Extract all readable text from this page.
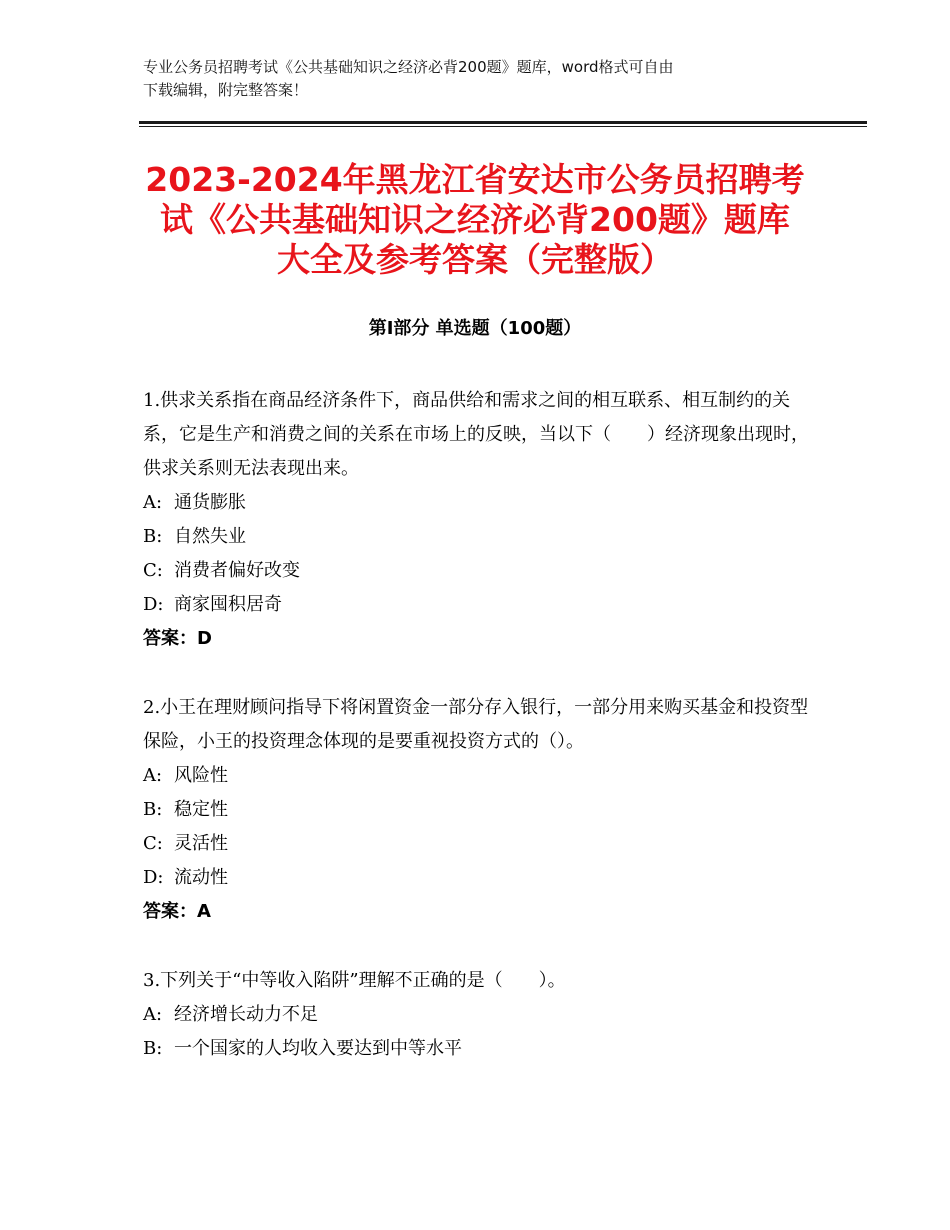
专业公务员招聘考试《公共基础知识之经济必背200题》题库，word格式可自由
下载编辑，附完整答案！
2023-2024年黑龙江省安达市公务员招聘考
试《公共基础知识之经济必背200题》题库
大全及参考答案（完整版）
第Ⅰ部分 单选题（100题）

1.供求关系指在商品经济条件下，商品供给和需求之间的相互联系、相互制约的关系，它是生产和消费之间的关系在市场上的反映，当以下（　　）经济现象出现时，供求关系则无法表现出来。

A: 通货膨胀

B: 自然失业

C: 消费者偏好改变

D: 商家囤积居奇

答案：D

2.小王在理财顾问指导下将闲置资金一部分存入银行，一部分用来购买基金和投资型保险，小王的投资理念体现的是要重视投资方式的（）。

A: 风险性

B: 稳定性

C: 灵活性

D: 流动性

答案：A

3.下列关于“中等收入陷阱”理解不正确的是（　　）。

A: 经济增长动力不足

B: 一个国家的人均收入要达到中等水平
